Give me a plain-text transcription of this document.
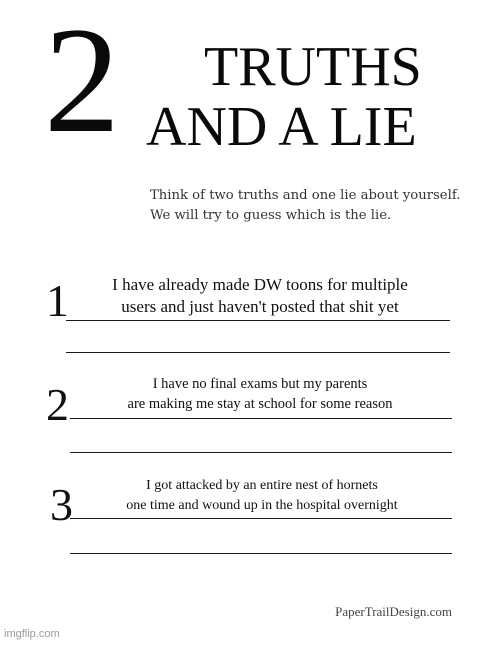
2 TRUTHS
AND A LIE
Think of two truths and one lie about yourself.
We will try to guess which is the lie.
1	I have already made DW toons for multiple
users and just haven't posted that shit yet
2	I have no final exams but my parents
are making me stay at school for some reason
3	I got attacked by an entire nest of hornets
one time and wound up in the hospital overnight
PaperTrailDesign.com
imgflip.com
